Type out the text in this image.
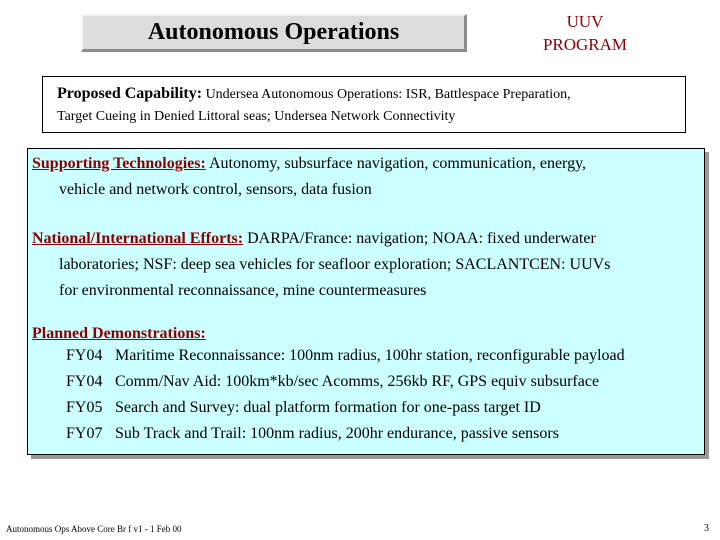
Autonomous Operations	UUV
PROGRAM
Proposed Capability: Undersea Autonomous Operations: ISR, Battlespace Preparation,
Target Cueing in Denied Littoral seas; Undersea Network Connectivity
Supporting Technologies: Autonomy, subsurface navigation, communication, energy,
vehicle and network control, sensors, data fusion
National/International Efforts: DARPA/France: navigation; NOAA: fixed underwater
laboratories; NSF: deep sea vehicles for seafloor exploration; SACLANTCEN: UUVs
for environmental reconnaissance, mine countermeasures
Planned Demonstrations:
FY04 Maritime Reconnaissance: 100nm radius, 100hr station, reconfigurable payload
FY04 Comm/Nav Aid: 100km*kb/sec Acomms, 256kb RF, GPS equiv subsurface
FY05 Search and Survey: dual platform formation for one-pass target ID
FY07 Sub Track and Trail: 100nm radius, 200hr endurance, passive sensors
Autonomous Ops Above Core Br f v1 - 1 Feb 00	3
